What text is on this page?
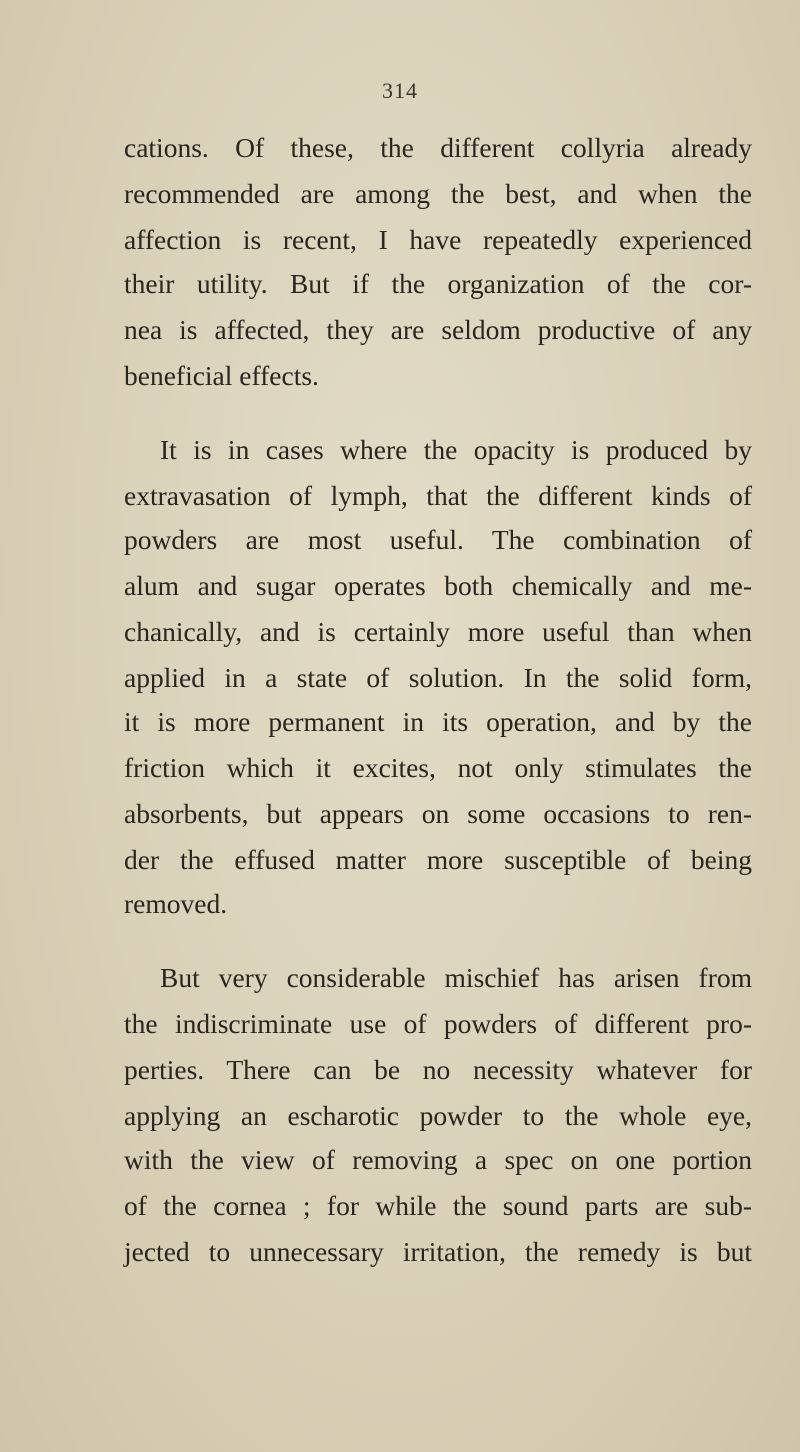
314
cations. Of these, the different collyria already
recommended are among the best, and when the
affection is recent, I have repeatedly experienced
their utility. But if the organization of the cor-
nea is affected, they are seldom productive of any
beneficial effects.
It is in cases where the opacity is produced by
extravasation of lymph, that the different kinds of
powders are most useful. The combination of
alum and sugar operates both chemically and me-
chanically, and is certainly more useful than when
applied in a state of solution. In the solid form,
it is more permanent in its operation, and by the
friction which it excites, not only stimulates the
absorbents, but appears on some occasions to ren-
der the effused matter more susceptible of being
removed.
But very considerable mischief has arisen from
the indiscriminate use of powders of different pro-
perties. There can be no necessity whatever for
applying an escharotic powder to the whole eye,
with the view of removing a spec on one portion
of the cornea ; for while the sound parts are sub-
jected to unnecessary irritation, the remedy is but
